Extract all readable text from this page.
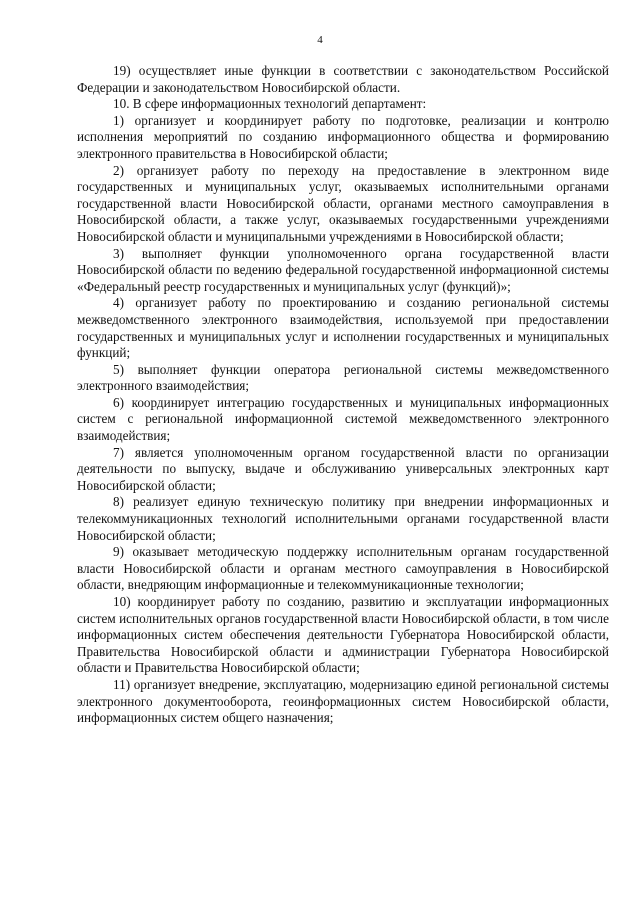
4

19) осуществляет иные функции в соответствии с законодательством Российской Федерации и законодательством Новосибирской области.

10. В сфере информационных технологий департамент:

1) организует и координирует работу по подготовке, реализации и контролю исполнения мероприятий по созданию информационного общества и формированию электронного правительства в Новосибирской области;

2) организует работу по переходу на предоставление в электронном виде государственных и муниципальных услуг, оказываемых исполнительными органами государственной власти Новосибирской области, органами местного самоуправления в Новосибирской области, а также услуг, оказываемых государственными учреждениями Новосибирской области и муниципальными учреждениями в Новосибирской области;

3) выполняет функции уполномоченного органа государственной власти Новосибирской области по ведению федеральной государственной информационной системы «Федеральный реестр государственных и муниципальных услуг (функций)»;

4) организует работу по проектированию и созданию региональной системы межведомственного электронного взаимодействия, используемой при предоставлении государственных и муниципальных услуг и исполнении государственных и муниципальных функций;

5) выполняет функции оператора региональной системы межведомственного электронного взаимодействия;

6) координирует интеграцию государственных и муниципальных информационных систем с региональной информационной системой межведомственного электронного взаимодействия;

7) является уполномоченным органом государственной власти по организации деятельности по выпуску, выдаче и обслуживанию универсальных электронных карт Новосибирской области;

8) реализует единую техническую политику при внедрении информационных и телекоммуникационных технологий исполнительными органами государственной власти Новосибирской области;

9) оказывает методическую поддержку исполнительным органам государственной власти Новосибирской области и органам местного самоуправления в Новосибирской области, внедряющим информационные и телекоммуникационные технологии;

10) координирует работу по созданию, развитию и эксплуатации информационных систем исполнительных органов государственной власти Новосибирской области, в том числе информационных систем обеспечения деятельности Губернатора Новосибирской области, Правительства Новосибирской области и администрации Губернатора Новосибирской области и Правительства Новосибирской области;

11) организует внедрение, эксплуатацию, модернизацию единой региональной системы электронного документооборота, геоинформационных систем Новосибирской области, информационных систем общего назначения;
